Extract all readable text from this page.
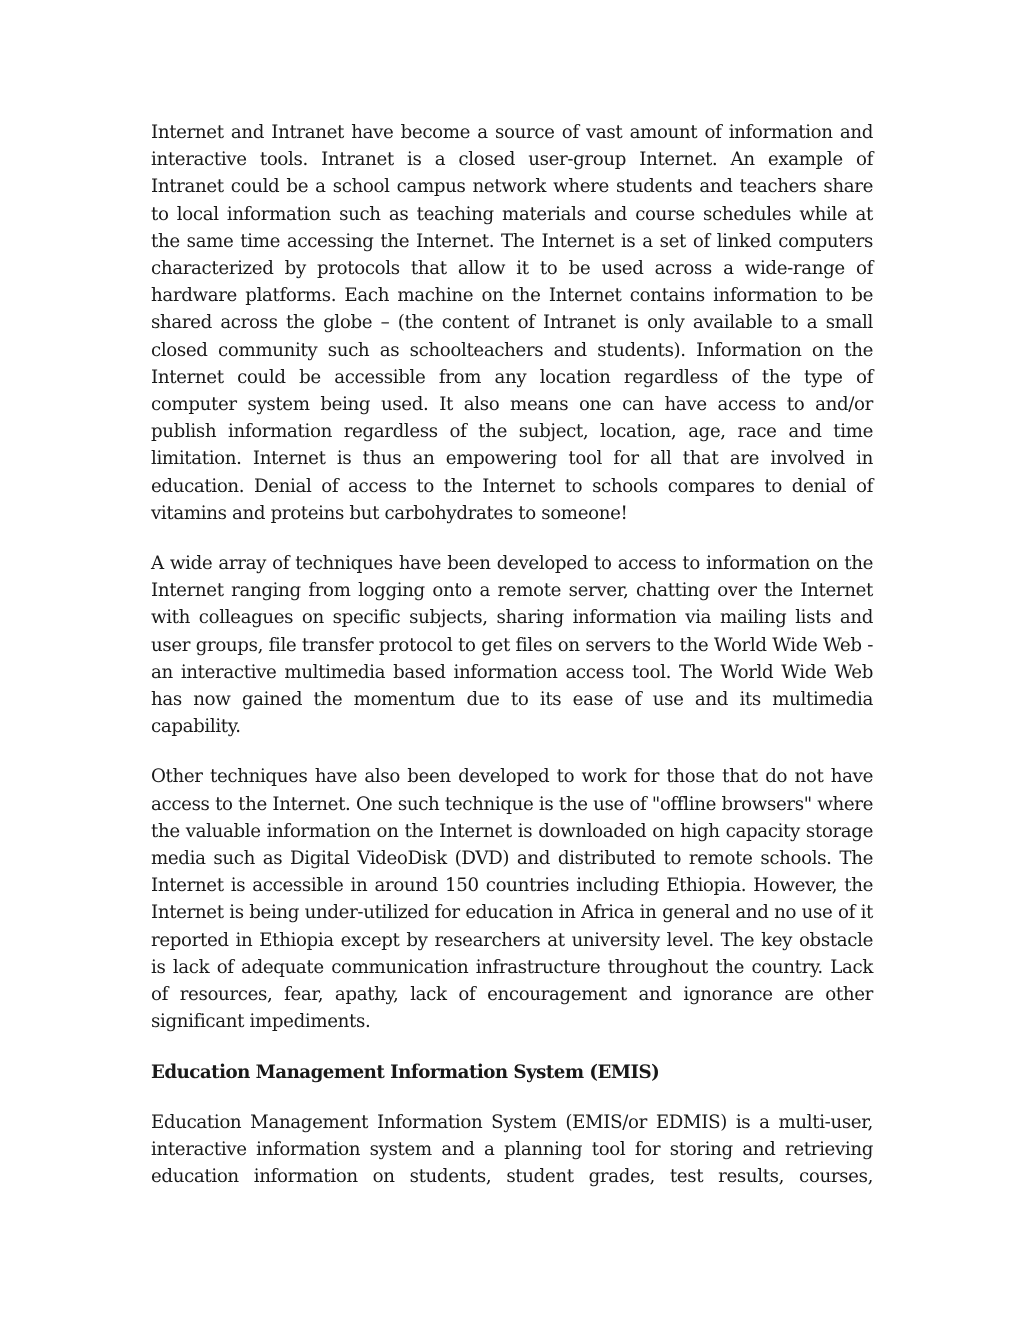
Internet and Intranet have become a source of vast amount of information and interactive tools. Intranet is a closed user-group Internet. An example of Intranet could be a school campus network where students and teachers share to local information such as teaching materials and course schedules while at the same time accessing the Internet. The Internet is a set of linked computers characterized by protocols that allow it to be used across a wide-range of hardware platforms. Each machine on the Internet contains information to be shared across the globe – (the content of Intranet is only available to a small closed community such as schoolteachers and students). Information on the Internet could be accessible from any location regardless of the type of computer system being used. It also means one can have access to and/or publish information regardless of the subject, location, age, race and time limitation. Internet is thus an empowering tool for all that are involved in education. Denial of access to the Internet to schools compares to denial of vitamins and proteins but carbohydrates to someone!

A wide array of techniques have been developed to access to information on the Internet ranging from logging onto a remote server, chatting over the Internet with colleagues on specific subjects, sharing information via mailing lists and user groups, file transfer protocol to get files on servers to the World Wide Web - an interactive multimedia based information access tool. The World Wide Web has now gained the momentum due to its ease of use and its multimedia capability.

Other techniques have also been developed to work for those that do not have access to the Internet. One such technique is the use of "offline browsers" where the valuable information on the Internet is downloaded on high capacity storage media such as Digital VideoDisk (DVD) and distributed to remote schools. The Internet is accessible in around 150 countries including Ethiopia. However, the Internet is being under-utilized for education in Africa in general and no use of it reported in Ethiopia except by researchers at university level. The key obstacle is lack of adequate communication infrastructure throughout the country. Lack of resources, fear, apathy, lack of encouragement and ignorance are other significant impediments.

Education Management Information System (EMIS)

Education Management Information System (EMIS/or EDMIS) is a multi-user, interactive information system and a planning tool for storing and retrieving education information on students, student grades, test results, courses,
